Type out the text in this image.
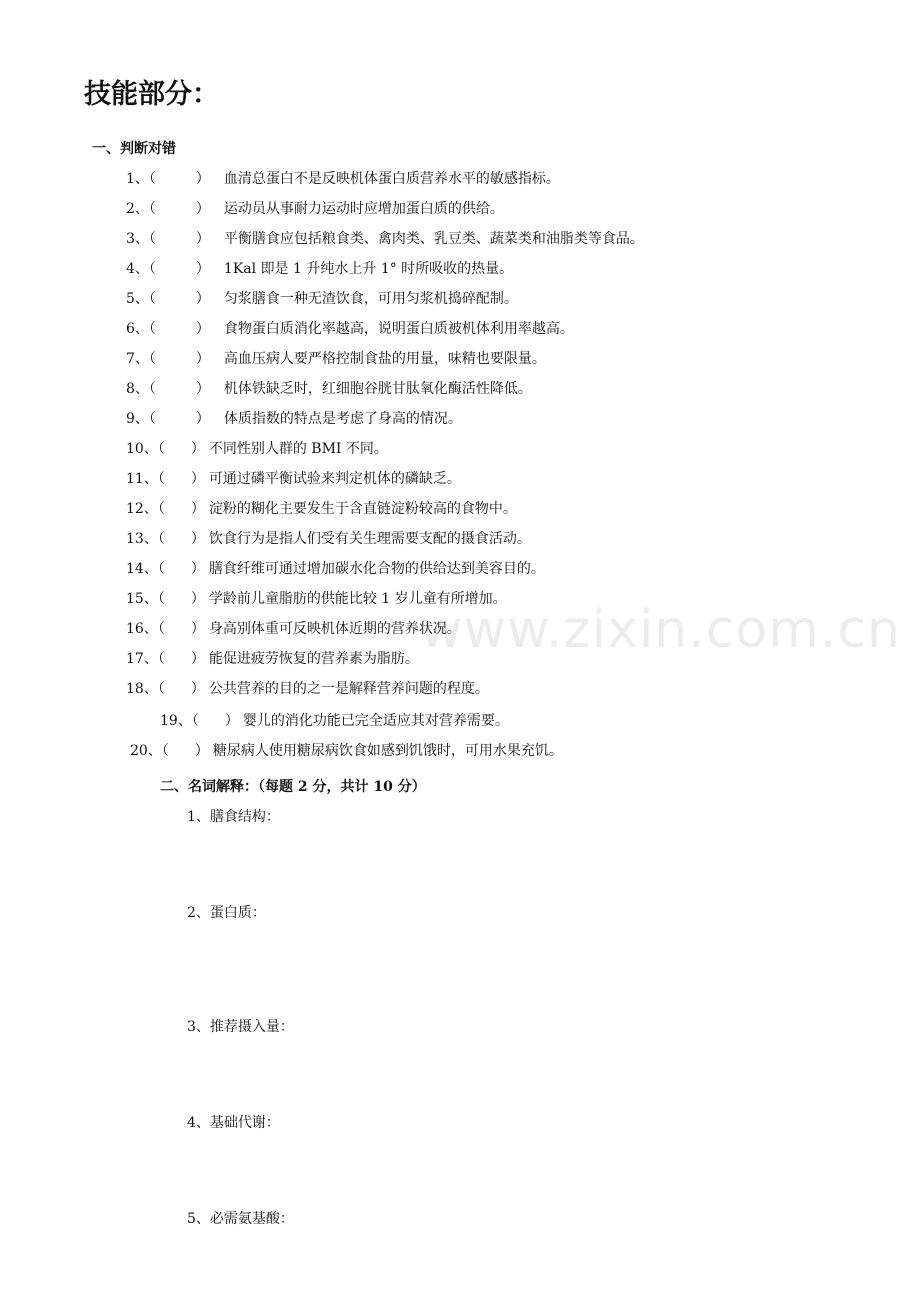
技能部分：
一、判断对错
1、（	） 血清总蛋白不是反映机体蛋白质营养水平的敏感指标。
2、（	） 运动员从事耐力运动时应增加蛋白质的供给。
3、（	） 平衡膳食应包括粮食类、禽肉类、乳豆类、蔬菜类和油脂类等食品。
4、（	） 1Kal 即是 1 升纯水上升 1° 时所吸收的热量。
5、（	） 匀浆膳食一种无渣饮食，可用匀浆机捣碎配制。
6、（	） 食物蛋白质消化率越高，说明蛋白质被机体利用率越高。
7、（	） 高血压病人要严格控制食盐的用量，味精也要限量。
8、（	） 机体铁缺乏时，红细胞谷胱甘肽氧化酶活性降低。
9、（	） 体质指数的特点是考虑了身高的情况。
10、（ ） 不同性别人群的 BMI 不同。
11、（ ） 可通过磷平衡试验来判定机体的磷缺乏。
12、（ ） 淀粉的糊化主要发生于含直链淀粉较高的食物中。
13、（ ） 饮食行为是指人们受有关生理需要支配的摄食活动。
14、（ ） 膳食纤维可通过增加碳水化合物的供给达到美容目的。
15、（ ） 学龄前儿童脂肪的供能比较 1 岁儿童有所增加。
16、（ ） 身高别体重可反映机体近期的营养状况。
17、（ ） 能促进疲劳恢复的营养素为脂肪。
18、（ ） 公共营养的目的之一是解释营养问题的程度。
19、（ ） 婴儿的消化功能已完全适应其对营养需要。
20、（ ） 糖尿病人使用糖尿病饮食如感到饥饿时，可用水果充饥。
二、名词解释：（每题 2 分，共计 10 分）
1、膳食结构：
2、蛋白质：
3、推荐摄入量：
4、基础代谢：
5、必需氨基酸：
www.zixin.com.cn
